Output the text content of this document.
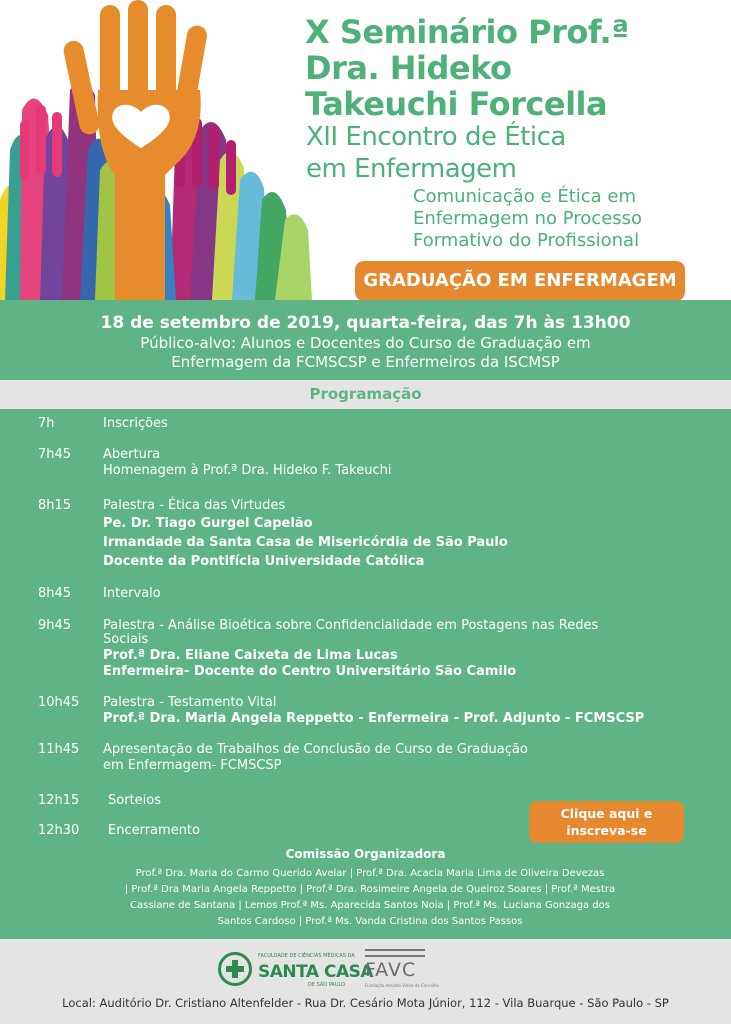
X Seminário Prof.ª
Dra. Hideko
Takeuchi Forcella
XII Encontro de Ética
em Enfermagem
Comunicação e Ética em
Enfermagem no Processo
Formativo do Profissional
GRADUAÇÃO EM ENFERMAGEM
18 de setembro de 2019, quarta-feira, das 7h às 13h00
Público-alvo: Alunos e Docentes do Curso de Graduação em
Enfermagem da FCMSCSP e Enfermeiros da ISCMSP
Programação
7h	Inscrições
7h45 Abertura
Homenagem à Prof.ª Dra. Hideko F. Takeuchi
8h15 Palestra - Ética das Virtudes
Pe. Dr. Tiago Gurgel Capelão
Irmandade da Santa Casa de Misericórdia de São Paulo
Docente da Pontifícia Universidade Católica
8h45 Intervalo
9h45 Palestra - Análise Bioética sobre Confidencialidade em Postagens nas Redes
Sociais
Prof.ª Dra. Eliane Caixeta de Lima Lucas
Enfermeira- Docente do Centro Universitário São Camilo
10h45 Palestra - Testamento Vital
Prof.ª Dra. Maria Angela Reppetto - Enfermeira - Prof. Adjunto - FCMSCSP
11h45 Apresentação de Trabalhos de Conclusão de Curso de Graduação
em Enfermagem- FCMSCSP
12h15 Sorteios
12h30 Encerramento
Clique aqui e
inscreva-se
Comissão Organizadora
Prof.ª Dra. Maria do Carmo Querido Avelar | Prof.ª Dra. Acacia Maria Lima de Oliveira Devezas
| Prof.ª Dra Maria Angela Reppetto | Prof.ª Dra. Rosimeire Angela de Queiroz Soares | Prof.ª Mestra
Cassiane de Santana | Lemos Prof.ª Ms. Aparecida Santos Noia | Prof.ª Ms. Luciana Gonzaga dos
Santos Cardoso | Prof.ª Ms. Vanda Cristina dos Santos Passos
FACULDADE DE CIÊNCIAS MÉDICAS DA
SANTA CASA
DE SÃO PAULO
FAVC
Fundação Arnaldo Vieira de Carvalho
Local: Auditório Dr. Cristiano Altenfelder - Rua Dr. Cesário Mota Júnior, 112 - Vila Buarque - São Paulo - SP
